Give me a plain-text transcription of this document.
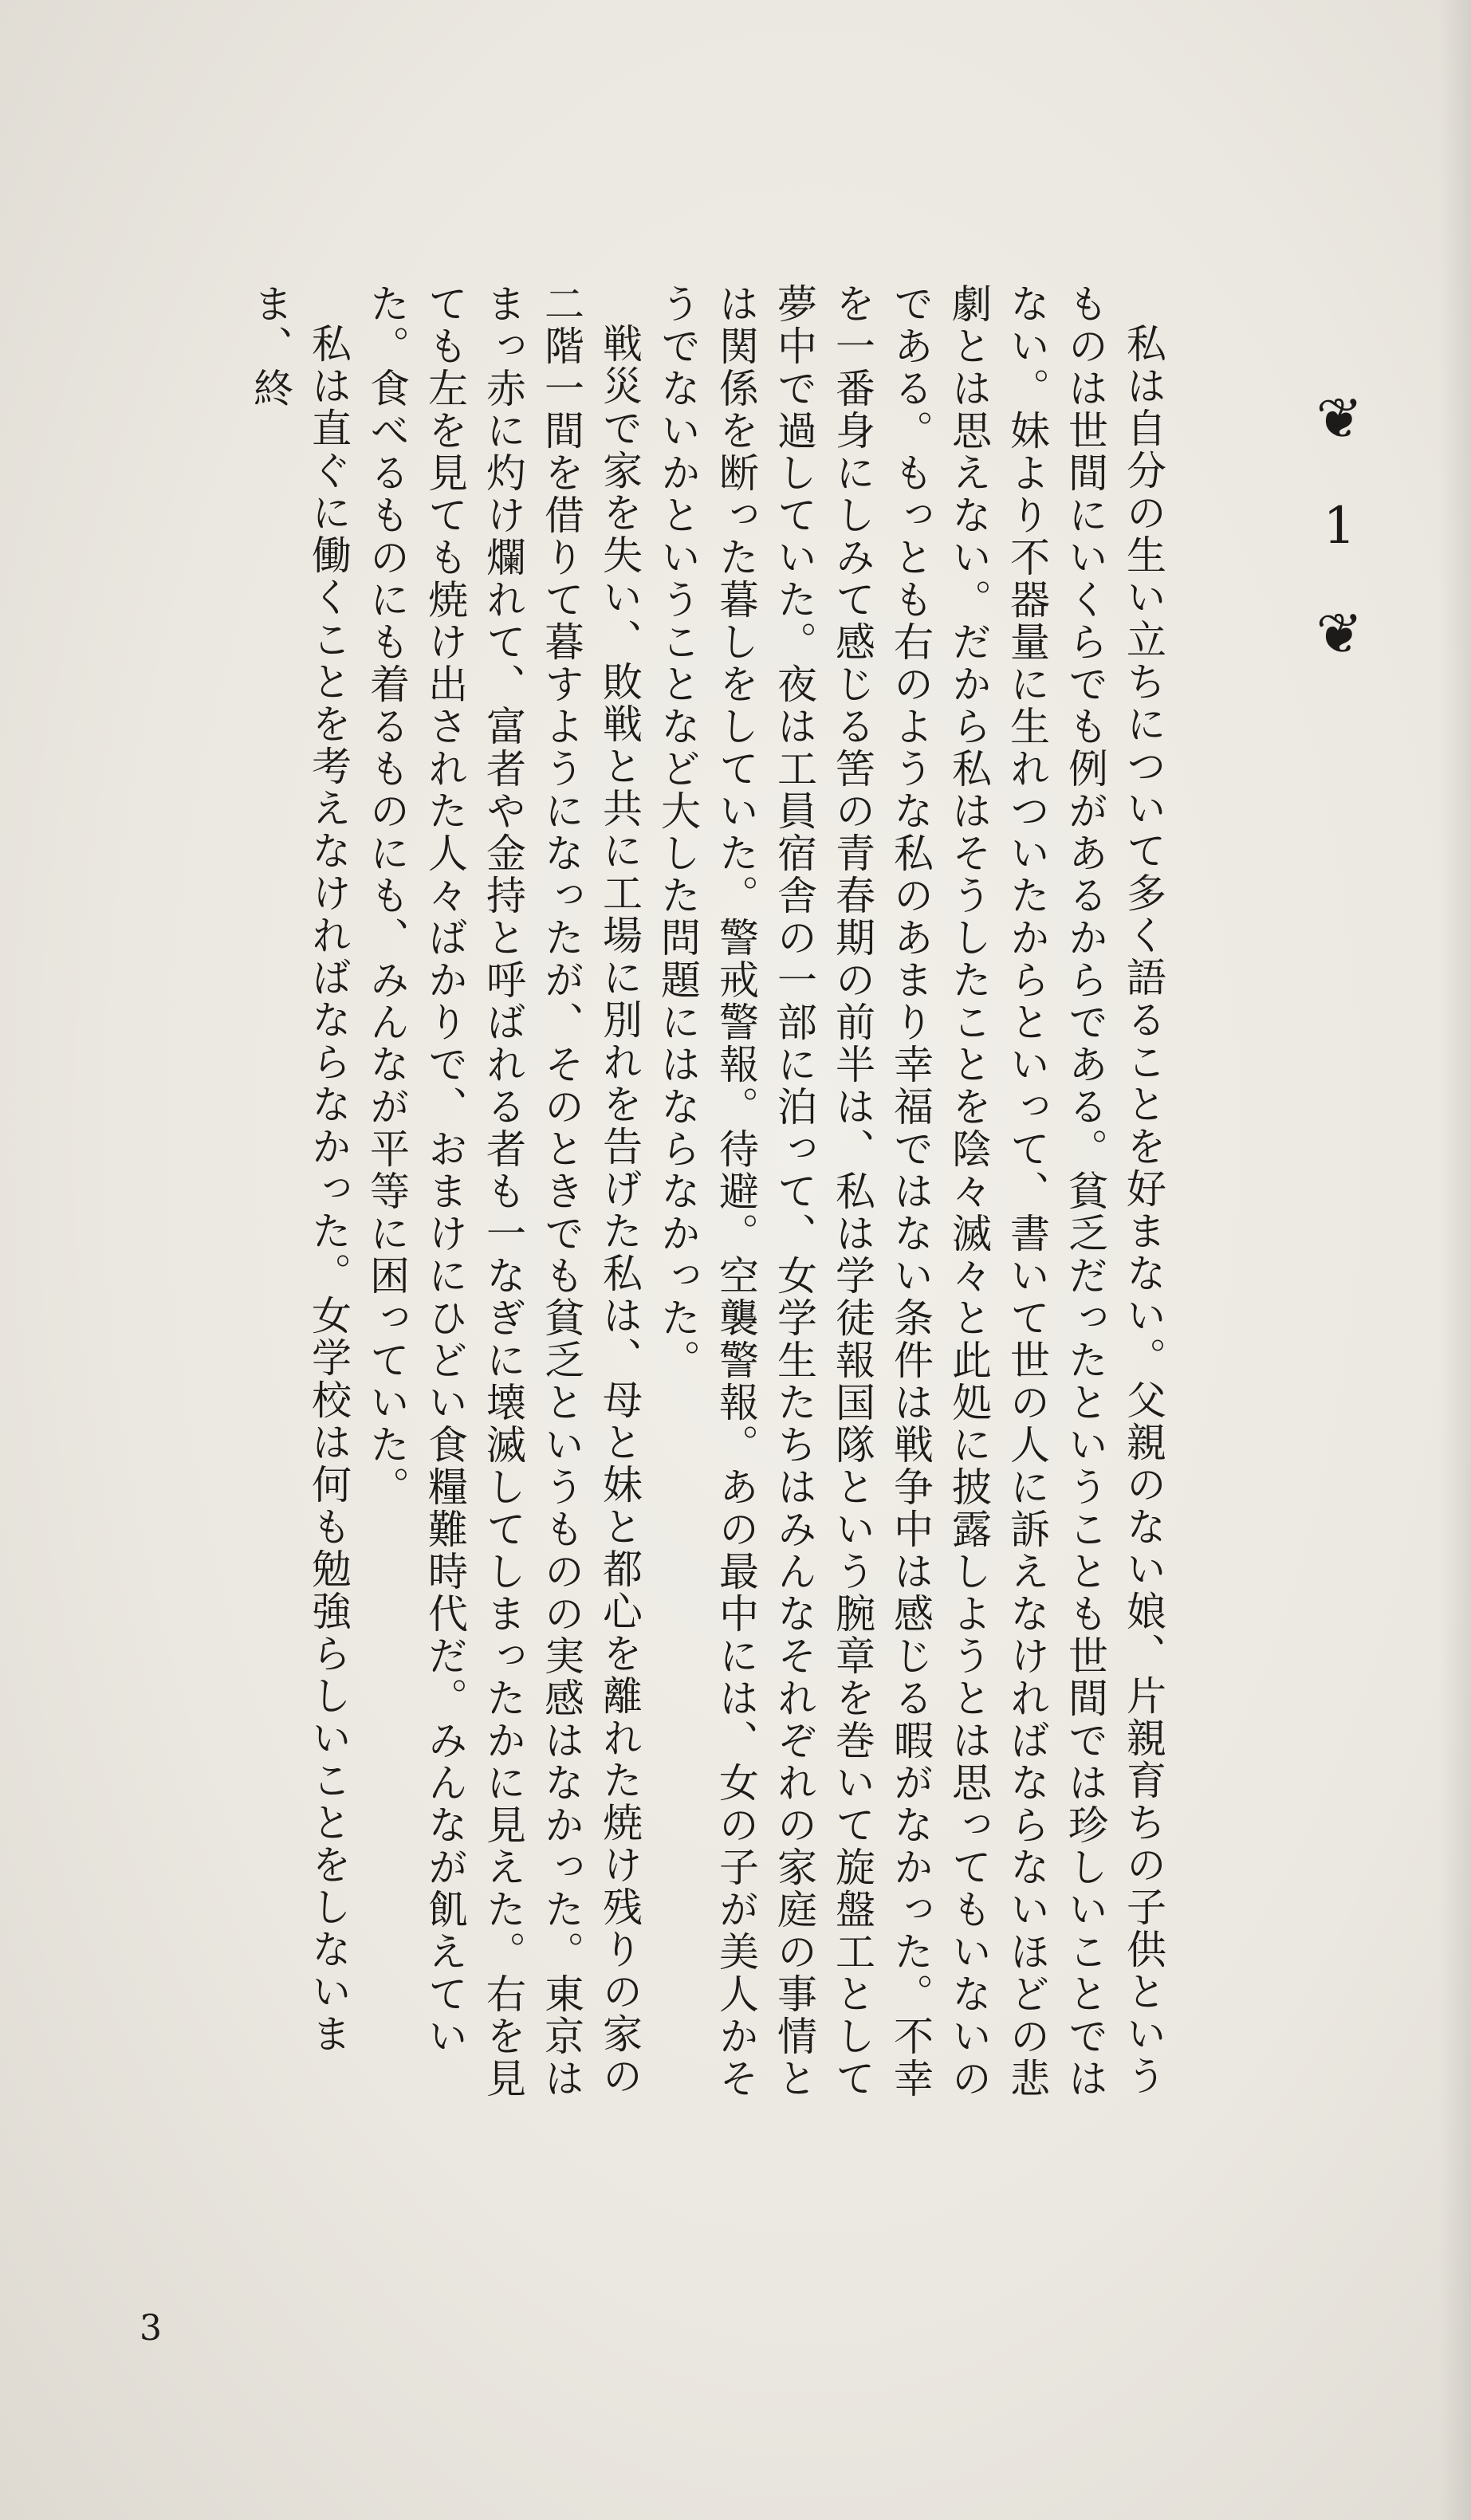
❦
1
❦

私は自分の生い立ちについて多く語ることを好まない。父親のない娘、片親育ちの子供というものは世間にいくらでも例があるからである。貧乏だったということも世間では珍しいことではない。妹より不器量に生れついたからといって、書いて世の人に訴えなければならないほどの悲劇とは思えない。だから私はそうしたことを陰々滅々と此処に披露しようとは思ってもいないのである。もっとも右のような私のあまり幸福ではない条件は戦争中は感じる暇がなかった。不幸を一番身にしみて感じる筈の青春期の前半は、私は学徒報国隊という腕章を巻いて旋盤工として夢中で過していた。夜は工員宿舎の一部に泊って、女学生たちはみんなそれぞれの家庭の事情とは関係を断った暮しをしていた。警戒警報。待避。空襲警報。あの最中には、女の子が美人かそうでないかということなど大した問題にはならなかった。

戦災で家を失い、敗戦と共に工場に別れを告げた私は、母と妹と都心を離れた焼け残りの家の二階一間を借りて暮すようになったが、そのときでも貧乏というものの実感はなかった。東京はまっ赤に灼け爛れて、富者や金持と呼ばれる者も一なぎに壊滅してしまったかに見えた。右を見ても左を見ても焼け出された人々ばかりで、おまけにひどい食糧難時代だ。みんなが飢えていた。食べるものにも着るものにも、みんなが平等に困っていた。

私は直ぐに働くことを考えなければならなかった。女学校は何も勉強らしいことをしないまま、終

3
